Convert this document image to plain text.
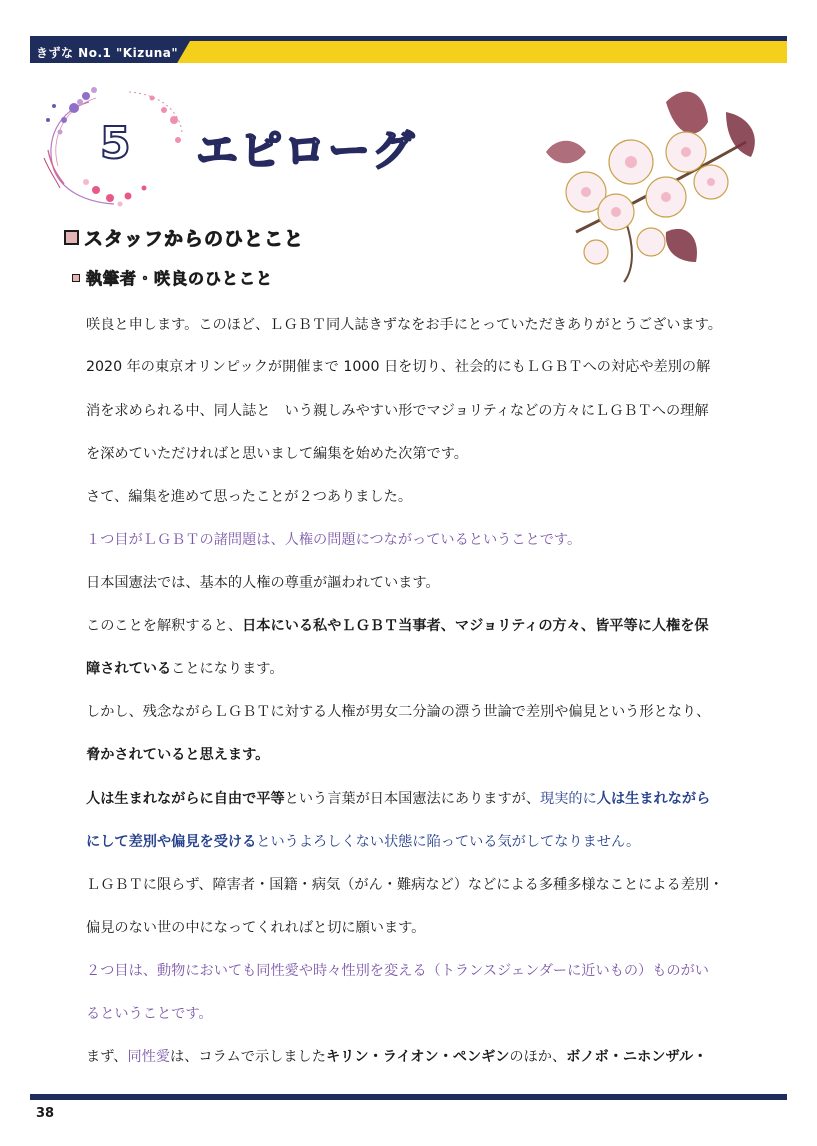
きずな No.1 "Kizuna"
5 エピローグ
スタッフからのひとこと
執筆者・咲良のひとこと
咲良と申します。このほど、ＬＧＢＴ同人誌きずなをお手にとっていただきありがとうございます。
2020 年の東京オリンピックが開催まで 1000 日を切り、社会的にもＬＧＢＴへの対応や差別の解
消を求められる中、同人誌と　いう親しみやすい形でマジョリティなどの方々にＬＧＢＴへの理解
を深めていただければと思いまして編集を始めた次第です。
さて、編集を進めて思ったことが２つありました。
１つ目がＬＧＢＴの諸問題は、人権の問題につながっているということです。
日本国憲法では、基本的人権の尊重が謳われています。
このことを解釈すると、日本にいる私やＬＧＢＴ当事者、マジョリティの方々、皆平等に人権を保
障されていることになります。
しかし、残念ながらＬＧＢＴに対する人権が男女二分論の漂う世論で差別や偏見という形となり、
脅かされていると思えます。
人は生まれながらに自由で平等という言葉が日本国憲法にありますが、現実的に人は生まれながら
にして差別や偏見を受けるというよろしくない状態に陥っている気がしてなりません。
ＬＧＢＴに限らず、障害者・国籍・病気（がん・難病など）などによる多種多様なことによる差別・
偏見のない世の中になってくれればと切に願います。
２つ目は、動物においても同性愛や時々性別を変える（トランスジェンダーに近いもの）ものがい
るということです。
まず、同性愛は、コラムで示しましたキリン・ライオン・ペンギンのほか、ボノボ・ニホンザル・
38
